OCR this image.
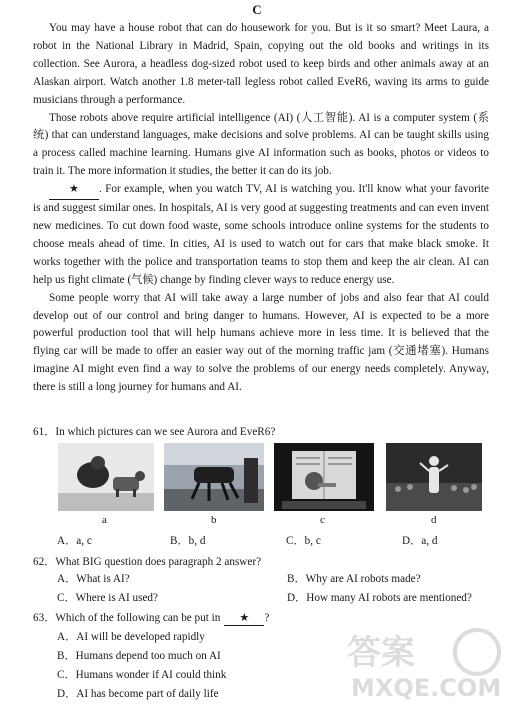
C

You may have a house robot that can do housework for you. But is it so smart? Meet Laura, a robot in the National Library in Madrid, Spain, copying out the old books and writings in its collection. See Aurora, a headless dog-sized robot used to keep birds and other animals away at an Alaskan airport. Watch another 1.8 meter-tall legless robot called EveR6, waving its arms to guide musicians through a performance.

Those robots above require artificial intelligence (AI) (人工智能). AI is a computer system (系统) that can understand languages, make decisions and solve problems. AI can be taught skills using a process called machine learning. Humans give AI information such as books, photos or videos to train it. The more information it studies, the better it can do its job.

★ . For example, when you watch TV, AI is watching you. It'll know what your favorite is and suggest similar ones. In hospitals, AI is very good at suggesting treatments and can even invent new medicines. To cut down food waste, some schools introduce online systems for the students to choose meals ahead of time. In cities, AI is used to watch out for cars that make black smoke. It works together with the police and transportation teams to stop them and keep the air clean. AI can help us fight climate (气候) change by finding clever ways to reduce energy use.

Some people worry that AI will take away a large number of jobs and also fear that AI could develop out of our control and bring danger to humans. However, AI is expected to be a more powerful production tool that will help humans achieve more in less time. It is believed that the flying car will be made to offer an easier way out of the morning traffic jam (交通堵塞). Humans imagine AI might even find a way to solve the problems of our energy needs completely. Anyway, there is still a long journey for humans and AI.

61．In which pictures can we see Aurora and EveR6?
a	b	c	d
A．a, c	B．b, d	C．b, c	D．a, d
62．What BIG question does paragraph 2 answer?
A．What is AI?	B．Why are AI robots made?
C．Where is AI used?	D．How many AI robots are mentioned?
63．Which of the following can be put in ★ ?
A．AI will be developed rapidly
B．Humans depend too much on AI
C．Humans wonder if AI could think
D．AI has become part of daily life
答案
MXQE.COM
